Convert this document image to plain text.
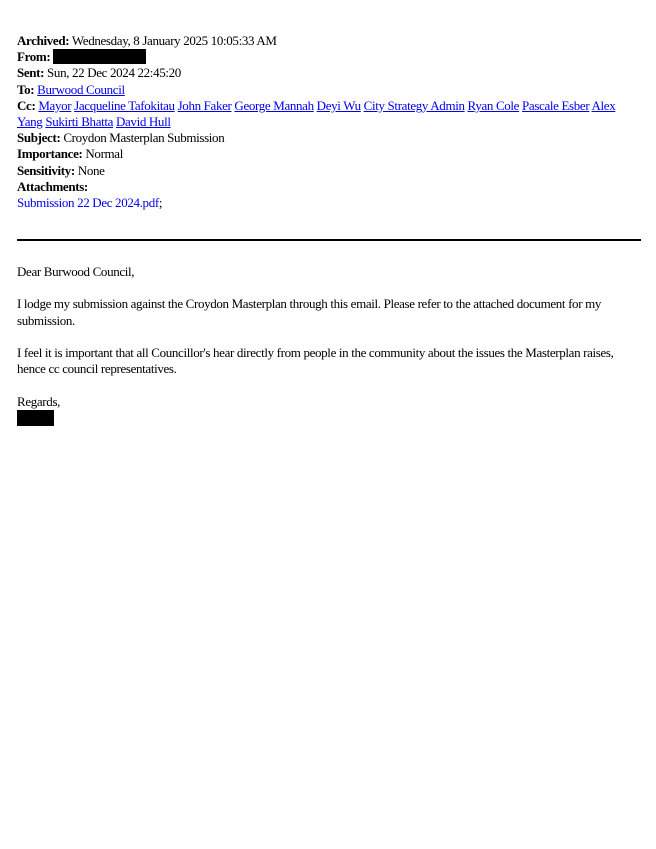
Archived: Wednesday, 8 January 2025 10:05:33 AM
From:
Sent: Sun, 22 Dec 2024 22:45:20
To: Burwood Council
Cc: Mayor Jacqueline Tafokitau John Faker George Mannah Deyi Wu City Strategy Admin Ryan Cole Pascale Esber Alex Yang Sukirti Bhatta David Hull
Subject: Croydon Masterplan Submission
Importance: Normal
Sensitivity: None
Attachments:
Submission 22 Dec 2024.pdf;

Dear Burwood Council,

I lodge my submission against the Croydon Masterplan through this email. Please refer to the attached document for my submission.

I feel it is important that all Councillor's hear directly from people in the community about the issues the Masterplan raises, hence cc council representatives.

Regards,
